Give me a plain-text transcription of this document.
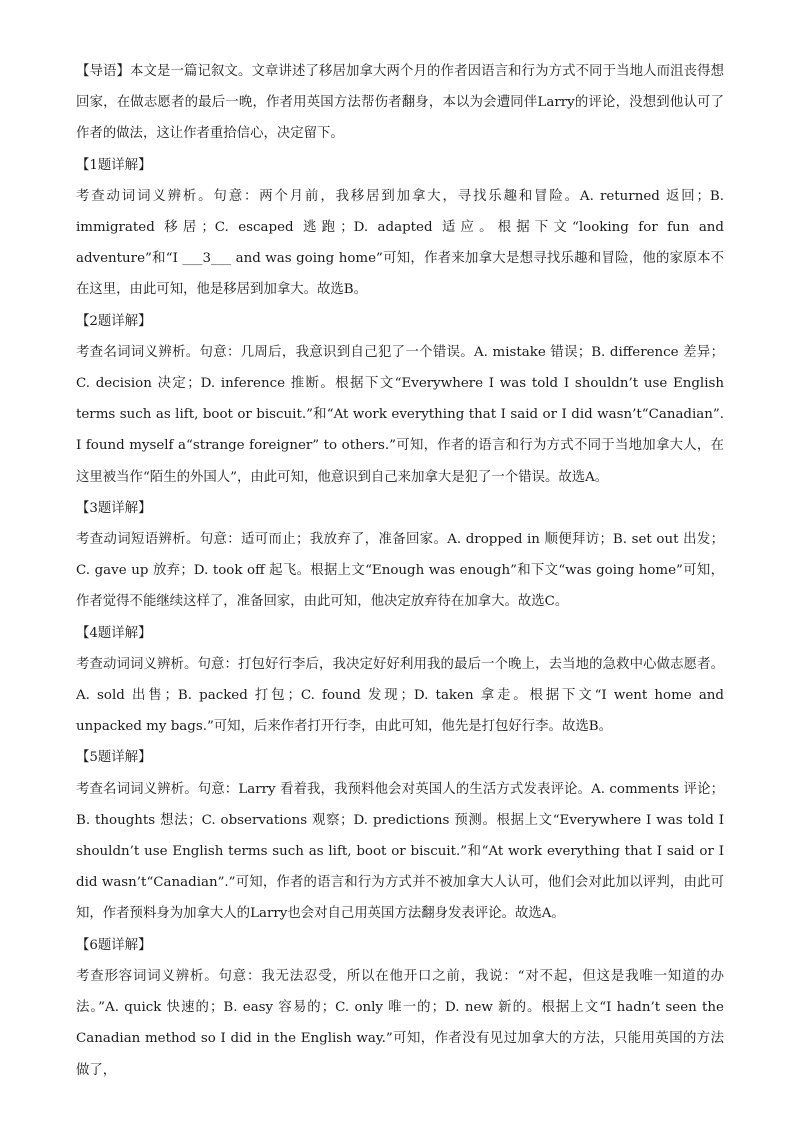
【导语】本文是一篇记叙文。文章讲述了移居加拿大两个月的作者因语言和行为方式不同于当地人而沮丧得想回家，在做志愿者的最后一晚，作者用英国方法帮伤者翻身，本以为会遭同伴Larry的评论，没想到他认可了作者的做法，这让作者重拾信心，决定留下。

【1题详解】

考查动词词义辨析。句意：两个月前，我移居到加拿大，寻找乐趣和冒险。A. returned 返回；B. immigrated 移居；C. escaped 逃跑；D. adapted 适应。根据下文“looking for fun and adventure”和“I ___3___ and was going home”可知，作者来加拿大是想寻找乐趣和冒险，他的家原本不在这里，由此可知，他是移居到加拿大。故选B。

【2题详解】

考查名词词义辨析。句意：几周后，我意识到自己犯了一个错误。A. mistake 错误；B. difference 差异；C. decision 决定；D. inference 推断。根据下文“Everywhere I was told I shouldn’t use English terms such as lift, boot or biscuit.”和“At work everything that I said or I did wasn’t“Canadian”. I found myself a“strange foreigner” to others.”可知，作者的语言和行为方式不同于当地加拿大人，在这里被当作“陌生的外国人”，由此可知，他意识到自己来加拿大是犯了一个错误。故选A。

【3题详解】

考查动词短语辨析。句意：适可而止；我放弃了，准备回家。A. dropped in 顺便拜访；B. set out 出发；C. gave up 放弃；D. took off 起飞。根据上文“Enough was enough”和下文“was going home”可知，作者觉得不能继续这样了，准备回家，由此可知，他决定放弃待在加拿大。故选C。

【4题详解】

考查动词词义辨析。句意：打包好行李后，我决定好好利用我的最后一个晚上，去当地的急救中心做志愿者。A. sold 出售；B. packed 打包；C. found 发现；D. taken 拿走。根据下文“I went home and unpacked my bags.”可知，后来作者打开行李，由此可知，他先是打包好行李。故选B。

【5题详解】

考查名词词义辨析。句意：Larry 看着我，我预料他会对英国人的生活方式发表评论。A. comments 评论；B. thoughts 想法；C. observations 观察；D. predictions 预测。根据上文“Everywhere I was told I shouldn’t use English terms such as lift, boot or biscuit.”和“At work everything that I said or I did wasn’t“Canadian”.”可知，作者的语言和行为方式并不被加拿大人认可，他们会对此加以评判，由此可知，作者预料身为加拿大人的Larry也会对自己用英国方法翻身发表评论。故选A。

【6题详解】

考查形容词词义辨析。句意：我无法忍受，所以在他开口之前，我说：“对不起，但这是我唯一知道的办法。”A. quick 快速的；B. easy 容易的；C. only 唯一的；D. new 新的。根据上文“I hadn’t seen the Canadian method so I did in the English way.”可知，作者没有见过加拿大的方法，只能用英国的方法做了，
